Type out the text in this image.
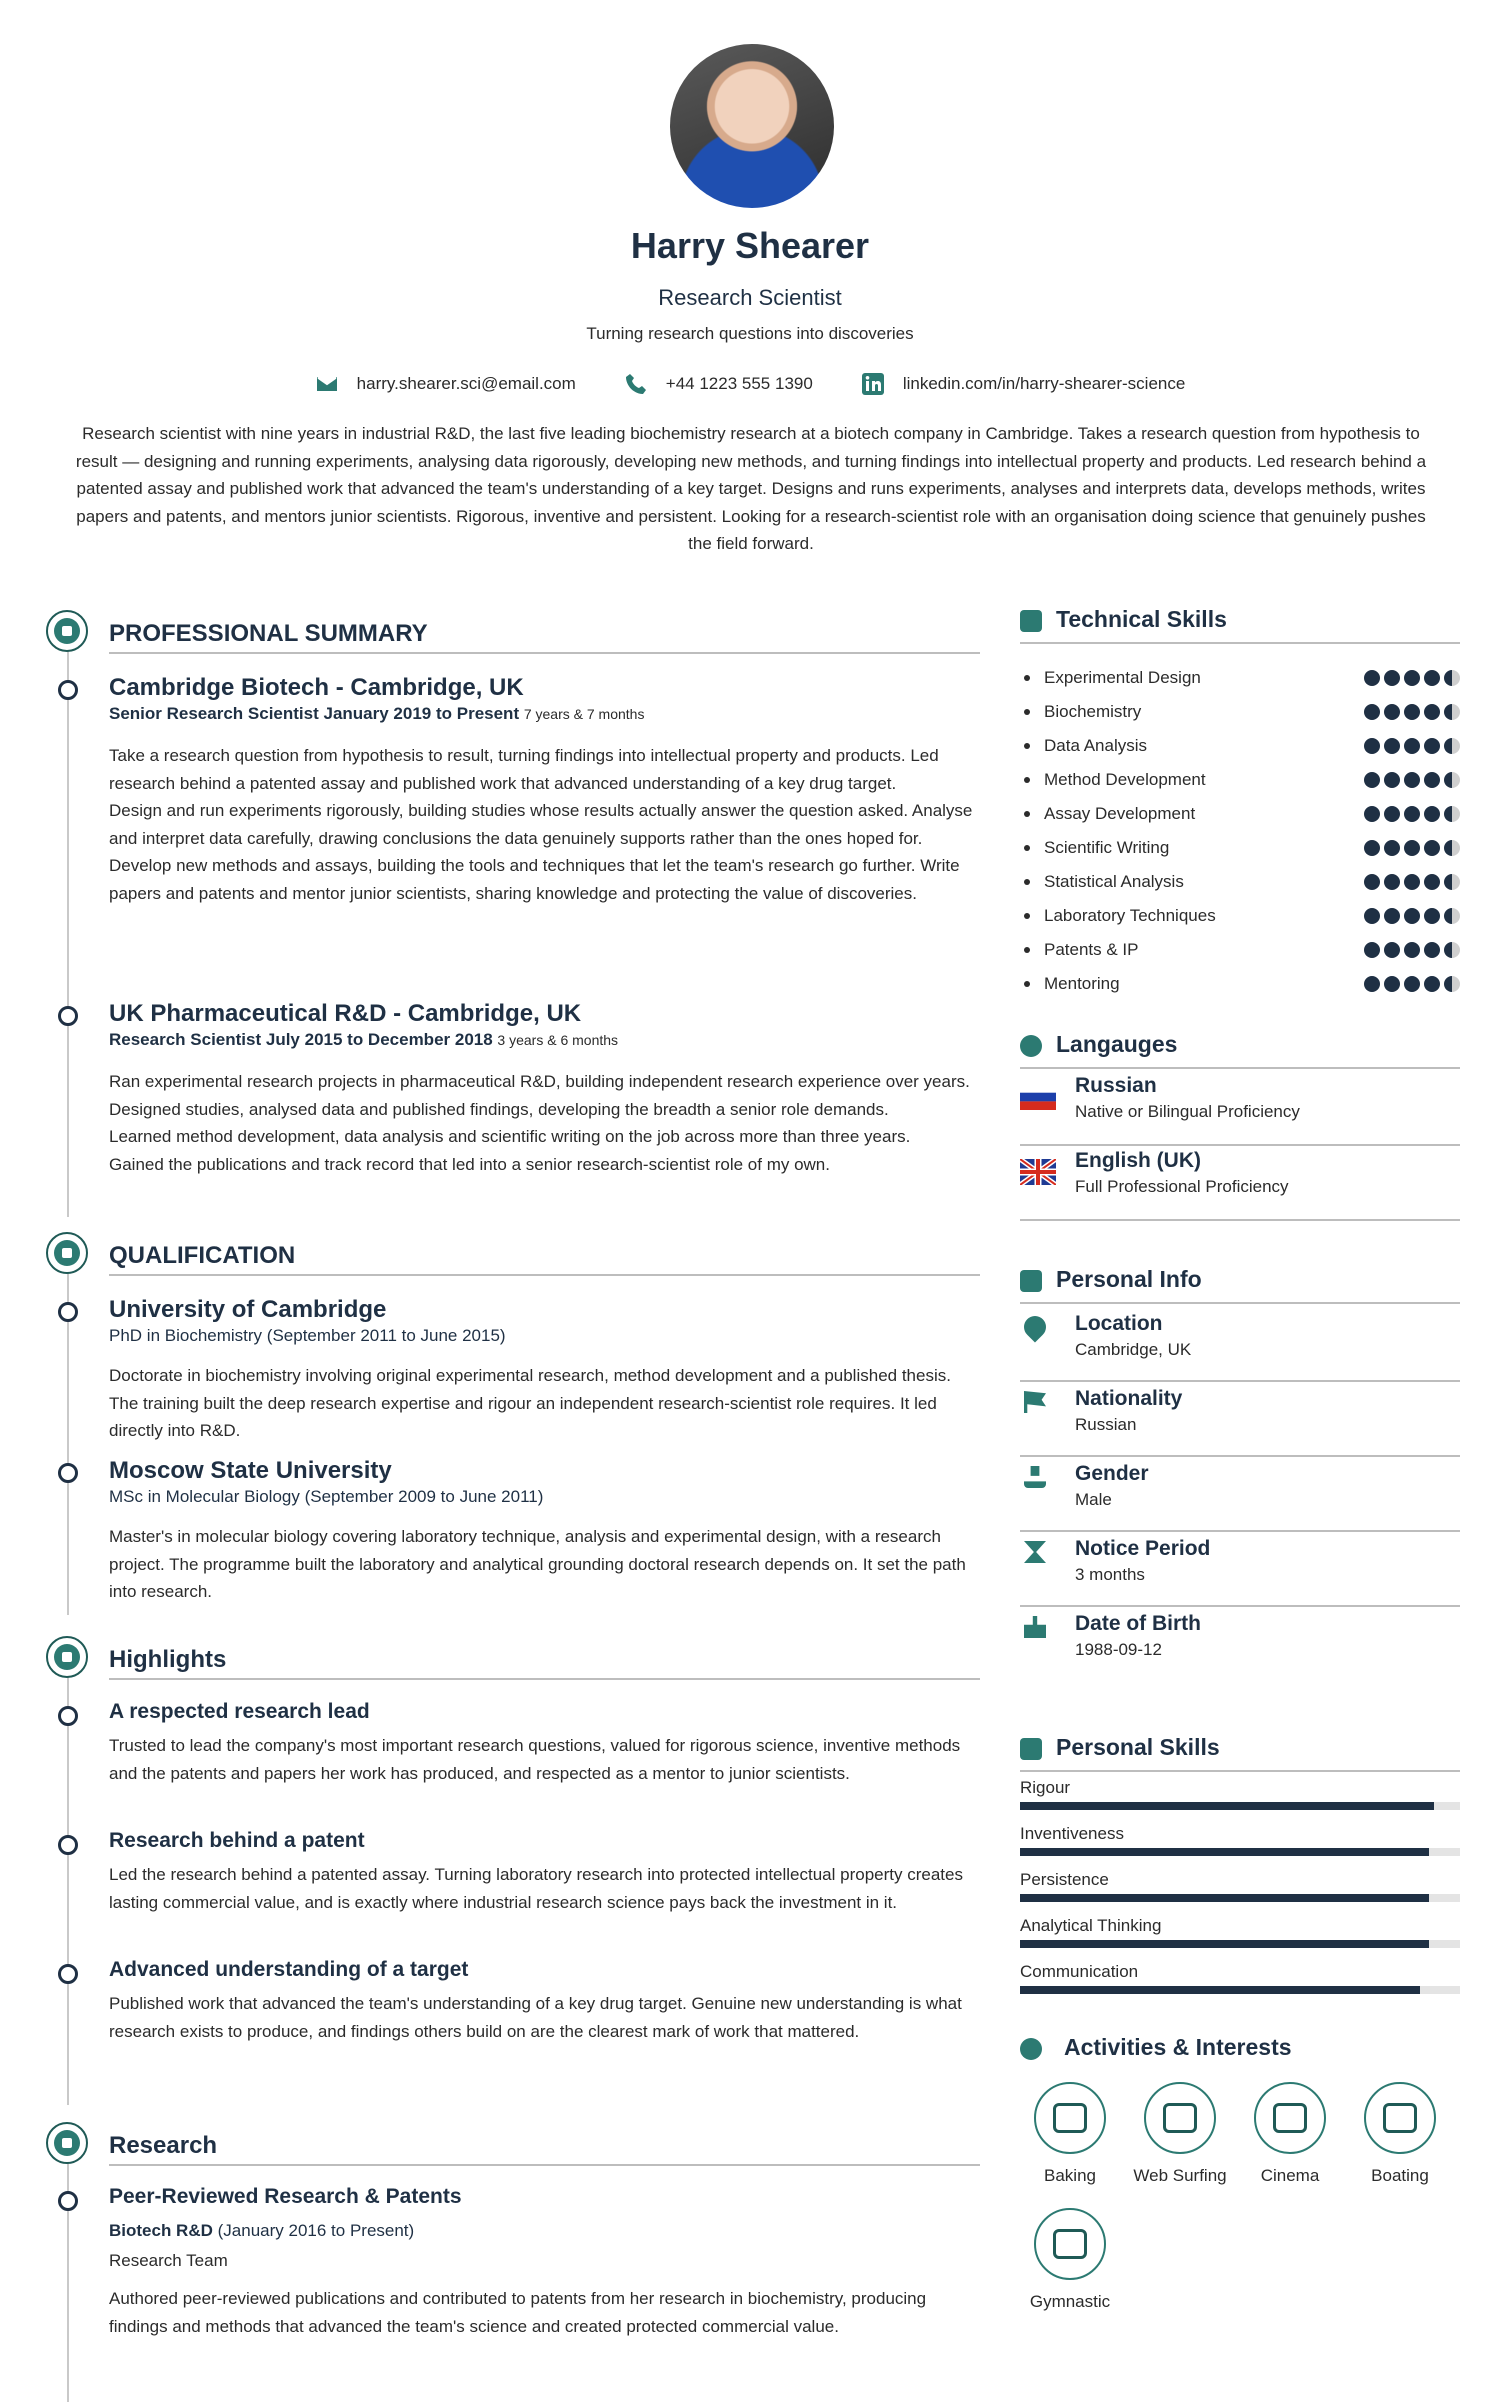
Harry Shearer
Research Scientist
Turning research questions into discoveries
harry.shearer.sci@email.com	+44 1223 555 1390	linkedin.com/in/harry-shearer-science
Research scientist with nine years in industrial R&D, the last five leading biochemistry research at a biotech company in Cambridge. Takes a research question from hypothesis to result — designing and running experiments, analysing data rigorously, developing new methods, and turning findings into intellectual property and products. Led research behind a patented assay and published work that advanced the team's understanding of a key target. Designs and runs experiments, analyses and interprets data, develops methods, writes papers and patents, and mentors junior scientists. Rigorous, inventive and persistent. Looking for a research-scientist role with an organisation doing science that genuinely pushes the field forward.
PROFESSIONAL SUMMARY
Cambridge Biotech - Cambridge, UK
Senior Research Scientist January 2019 to Present 7 years & 7 months

Take a research question from hypothesis to result, turning findings into intellectual property and products. Led research behind a patented assay and published work that advanced understanding of a key drug target.

Design and run experiments rigorously, building studies whose results actually answer the question asked. Analyse and interpret data carefully, drawing conclusions the data genuinely supports rather than the ones hoped for.

Develop new methods and assays, building the tools and techniques that let the team's research go further. Write papers and patents and mentor junior scientists, sharing knowledge and protecting the value of discoveries.

UK Pharmaceutical R&D - Cambridge, UK
Research Scientist July 2015 to December 2018 3 years & 6 months

Ran experimental research projects in pharmaceutical R&D, building independent research experience over years.

Designed studies, analysed data and published findings, developing the breadth a senior role demands.

Learned method development, data analysis and scientific writing on the job across more than three years.

Gained the publications and track record that led into a senior research-scientist role of my own.

QUALIFICATION
University of Cambridge
PhD in Biochemistry (September 2011 to June 2015)
Doctorate in biochemistry involving original experimental research, method development and a published thesis. The training built the deep research expertise and rigour an independent research-scientist role requires. It led directly into R&D.
Moscow State University
MSc in Molecular Biology (September 2009 to June 2011)
Master's in molecular biology covering laboratory technique, analysis and experimental design, with a research project. The programme built the laboratory and analytical grounding doctoral research depends on. It set the path into research.
Highlights
A respected research lead
Trusted to lead the company's most important research questions, valued for rigorous science, inventive methods and the patents and papers her work has produced, and respected as a mentor to junior scientists.
Research behind a patent
Led the research behind a patented assay. Turning laboratory research into protected intellectual property creates lasting commercial value, and is exactly where industrial research science pays back the investment in it.
Advanced understanding of a target
Published work that advanced the team's understanding of a key drug target. Genuine new understanding is what research exists to produce, and findings others build on are the clearest mark of work that mattered.
Research
Peer-Reviewed Research & Patents
Biotech R&D (January 2016 to Present)
Research Team
Authored peer-reviewed publications and contributed to patents from her research in biochemistry, producing findings and methods that advanced the team's science and created protected commercial value.
Technical Skills
Experimental Design
Biochemistry
Data Analysis
Method Development
Assay Development
Scientific Writing
Statistical Analysis
Laboratory Techniques
Patents & IP
Mentoring
Langauges
Russian
Native or Bilingual Proficiency
English (UK)
Full Professional Proficiency
Personal Info
Location
Cambridge, UK
Nationality
Russian
Gender
Male
Notice Period
3 months
Date of Birth
1988-09-12
Personal Skills
Rigour
Inventiveness
Persistence
Analytical Thinking
Communication
Activities & Interests
Baking	Web Surfing	Cinema	Boating
Gymnastic
